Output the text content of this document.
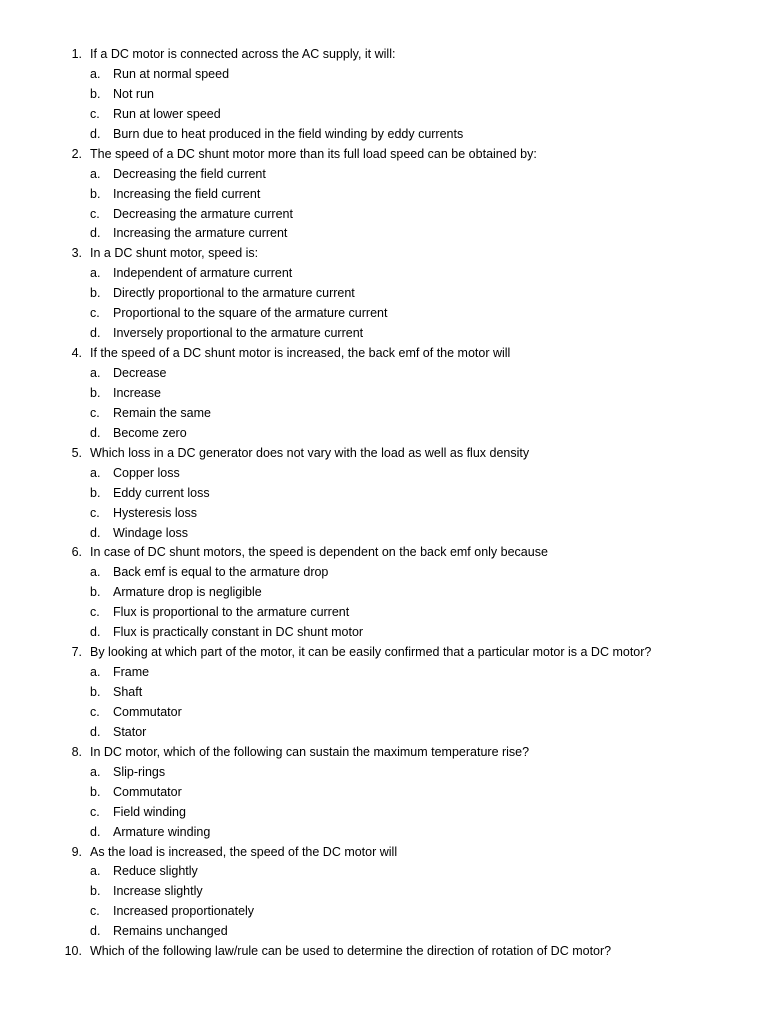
1. If a DC motor is connected across the AC supply, it will:
a. Run at normal speed
b. Not run
c. Run at lower speed
d. Burn due to heat produced in the field winding by eddy currents
2. The speed of a DC shunt motor more than its full load speed can be obtained by:
a. Decreasing the field current
b. Increasing the field current
c. Decreasing the armature current
d. Increasing the armature current
3. In a DC shunt motor, speed is:
a. Independent of armature current
b. Directly proportional to the armature current
c. Proportional to the square of the armature current
d. Inversely proportional to the armature current
4. If the speed of a DC shunt motor is increased, the back emf of the motor will
a. Decrease
b. Increase
c. Remain the same
d. Become zero
5. Which loss in a DC generator does not vary with the load as well as flux density
a. Copper loss
b. Eddy current loss
c. Hysteresis loss
d. Windage loss
6. In case of DC shunt motors, the speed is dependent on the back emf only because
a. Back emf is equal to the armature drop
b. Armature drop is negligible
c. Flux is proportional to the armature current
d. Flux is practically constant in DC shunt motor
7. By looking at which part of the motor, it can be easily confirmed that a particular motor is a DC motor?
a. Frame
b. Shaft
c. Commutator
d. Stator
8. In DC motor, which of the following can sustain the maximum temperature rise?
a. Slip-rings
b. Commutator
c. Field winding
d. Armature winding
9. As the load is increased, the speed of the DC motor will
a. Reduce slightly
b. Increase slightly
c. Increased proportionately
d. Remains unchanged
10. Which of the following law/rule can be used to determine the direction of rotation of DC motor?
